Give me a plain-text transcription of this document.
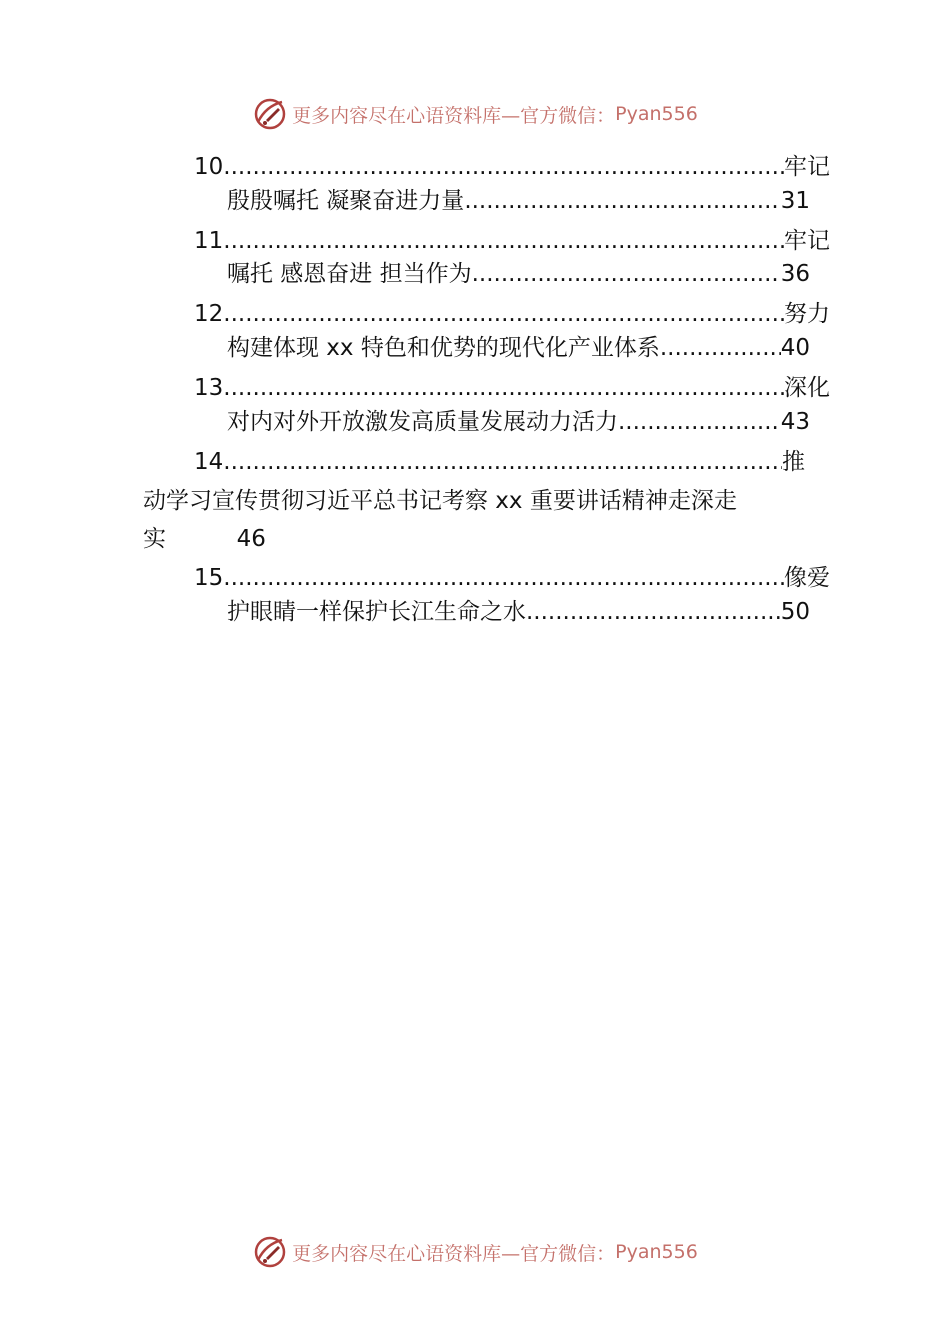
更多内容尽在心语资料库—官方微信： Pyan556
10 .....	牢记
殷殷嘱托 凝聚奋进力量 .....	31
11 .....	牢记
嘱托 感恩奋进 担当作为 .....	36
12 .....	努力
构建体现 xx 特色和优势的现代化产业体系 .....	40
13 .....	深化
对内对外开放激发高质量发展动力活力 .....	43
14 .....	推
动学习宣传贯彻习近平总书记考察 xx 重要讲话精神走深走
实	46
15 .....	像爱
护眼睛一样保护长江生命之水 .....	50
更多内容尽在心语资料库—官方微信： Pyan556
